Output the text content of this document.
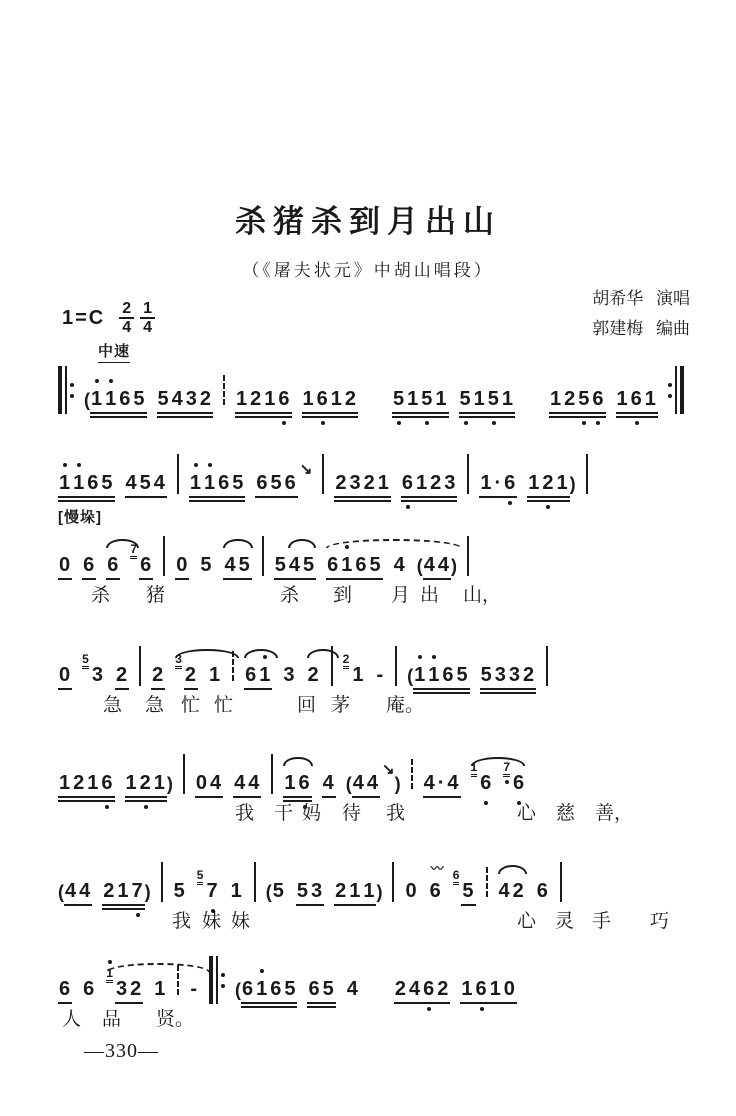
杀猪杀到月出山
（《屠夫状元》中胡山唱段）
胡希华 演唱
郭建梅 编曲
$1=C \frac{2}{4} \frac{1}{4}$
中速
( 1 1 6 5 5 4 3 2 1 2 1 6 1 6 1 2 5 1 5 1 5 1 5 1 1 2 5 6 1 6 1
1 1 6 5 4 5 4 1 1 6 5 6 5 6
↘
2 3 2 1 6 1 2 3 1 · 6 1 2 1 )
[慢垛]
0 6 6
7
6 0 5 4 5 5 4 5 6 1 6 5 4 ( 4 4 )
杀 猪	杀 到 月 出 山，
0
5
3 2 2
3
2 1 6 1 3 2
2
1 - ( 1 1 6 5 5 3 3 2
急 急 忙 忙	回 茅 庵。
1 2 1 6 1 2 1 ) 0 4 4 4 1 6 4 ( 4 4
↘
) 4 · 4
1
6
7
6
我 干 妈 待 我	心 慈 善，
( 4 4 2 1 7 ) 5
5
7 1 ( 5 5 3 2 1 1 ) 0
〰
6
6
5 4 2 6
我 妹 妹	心 灵 手 巧
6 6
1
3 2 1 - ( 6 1 6 5 6 5 4 2 4 6 2 1 6 1 0
人 品 贤。
—330—
